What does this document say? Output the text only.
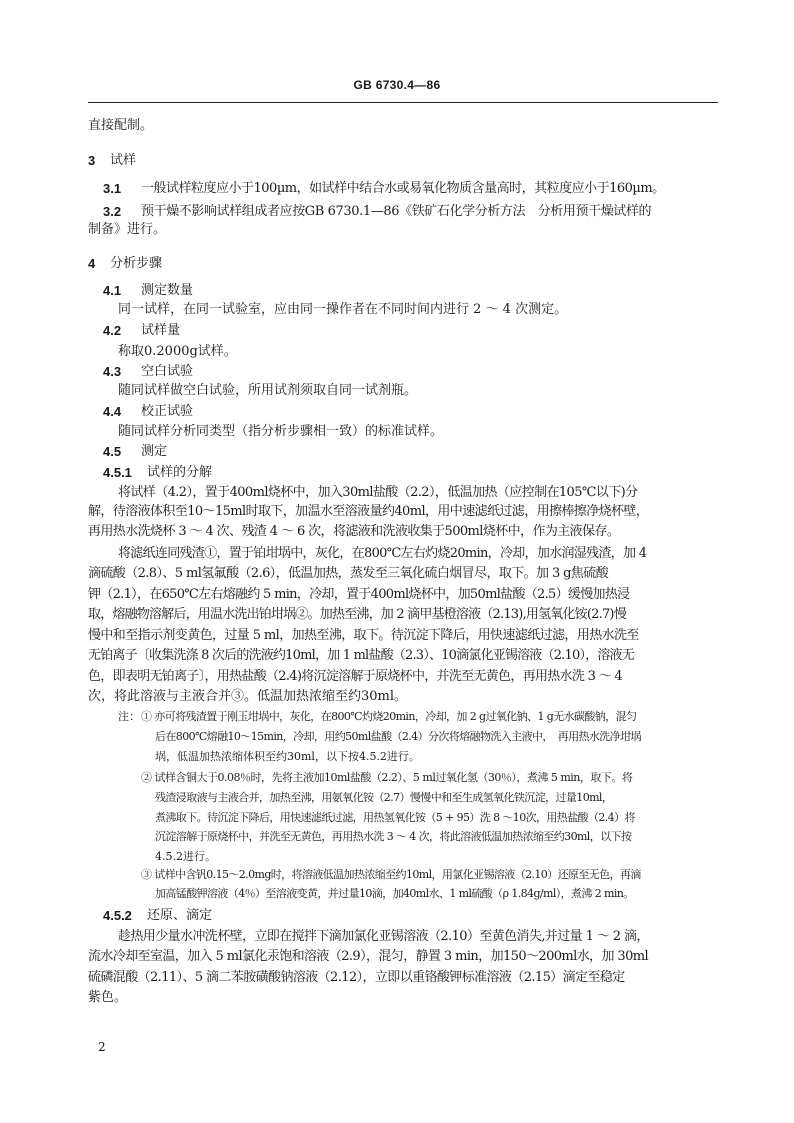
GB 6730.4—86
直接配制。
3 试样
3.1 一般试样粒度应小于100µm，如试样中结合水或易氧化物质含量高时，其粒度应小于160µm。
3.2 预干燥不影响试样组成者应按GB 6730.1—86《铁矿石化学分析方法　分析用预干燥试样的
制备》进行。
4 分析步骤
4.1 测定数量
同一试样，在同一试验室，应由同一操作者在不同时间内进行 2 ～ 4 次测定。
4.2 试样量
称取0.2000g试样。
4.3 空白试验
随同试样做空白试验，所用试剂须取自同一试剂瓶。
4.4 校正试验
随同试样分析同类型（指分析步骤相一致）的标准试样。
4.5 测定
4.5.1 试样的分解
将试样（4.2），置于400ml烧杯中，加入30ml盐酸（2.2），低温加热（应控制在105℃以下)分
解，待溶液体积至10～15ml时取下，加温水至溶液量约40ml，用中速滤纸过滤，用擦棒擦净烧杯壁，
再用热水洗烧杯 3 ～ 4 次、残渣 4 ～ 6 次，将滤液和洗液收集于500ml烧杯中，作为主液保存。
将滤纸连同残渣①，置于铂坩埚中，灰化，在800℃左右灼烧20min，冷却，加水润湿残渣，加 4
滴硫酸（2.8）、5 ml氢氟酸（2.6），低温加热，蒸发至三氧化硫白烟冒尽，取下。加 3 g焦硫酸
钾（2.1），在650℃左右熔融约 5 min，冷却，置于400ml烧杯中，加50ml盐酸（2.5）缓慢加热浸
取，熔融物溶解后，用温水洗出铂坩埚②。加热至沸，加 2 滴甲基橙溶液（2.13),用氢氧化铵(2.7)慢
慢中和至指示剂变黄色，过量 5 ml，加热至沸，取下。待沉淀下降后，用快速滤纸过滤，用热水洗至
无铂离子〔收集洗涤 8 次后的洗液约10ml，加 1 ml盐酸（2.3）、10滴氯化亚锡溶液（2.10），溶液无
色，即表明无铂离子〕，用热盐酸（2.4)将沉淀溶解于原烧杯中，并洗至无黄色，再用热水洗 3 ～ 4
次，将此溶液与主液合并③。低温加热浓缩至约30ml。
注： ① 亦可将残渣置于刚玉坩埚中，灰化，在800℃灼烧20min，冷却，加 2 g过氧化钠、1 g无水碳酸钠，混匀
后在800℃熔融10～15min，冷却，用约50ml盐酸（2.4）分次将熔融物洗入主液中，　再用热水洗净坩埚
埚，低温加热浓缩体积至约30ml，以下按4.5.2进行。
② 试样含铜大于0.08％时，先将主液加10ml盐酸（2.2）、5 ml过氧化氢（30％），煮沸 5 min，取下。将
残渣浸取液与主液合并，加热至沸，用氨氧化铵（2.7）慢慢中和至生成氢氧化铁沉淀，过量10ml，
煮沸取下。待沉淀下降后，用快速滤纸过滤，用热氢氧化铵（5 + 95）洗 8 ～10次，用热盐酸（2.4）将
沉淀溶解于原烧杯中，并洗至无黄色，再用热水洗 3 ～ 4 次，将此溶液低温加热浓缩至约30ml，以下按
4.5.2进行。
③ 试样中含钒0.15～2.0mg时，将溶液低温加热浓缩至约10ml，用氯化亚锡溶液（2.10）还原至无色，再滴
加高锰酸钾溶液（4％）至溶液变黄，并过量10滴，加40ml水、1 ml硫酸（ρ 1.84g/ml），煮沸 2 min。
4.5.2 还原、滴定
趁热用少量水冲洗杯壁，立即在搅拌下滴加氯化亚锡溶液（2.10）至黄色消失,并过量 1 ～ 2 滴，
流水冷却至室温，加入 5 ml氯化汞饱和溶液（2.9），混匀，静置 3 min，加150～200ml水，加 30ml
硫磷混酸（2.11）、5 滴二苯胺磺酸钠溶液（2.12），立即以重铬酸钾标准溶液（2.15）滴定至稳定
紫色。
2
